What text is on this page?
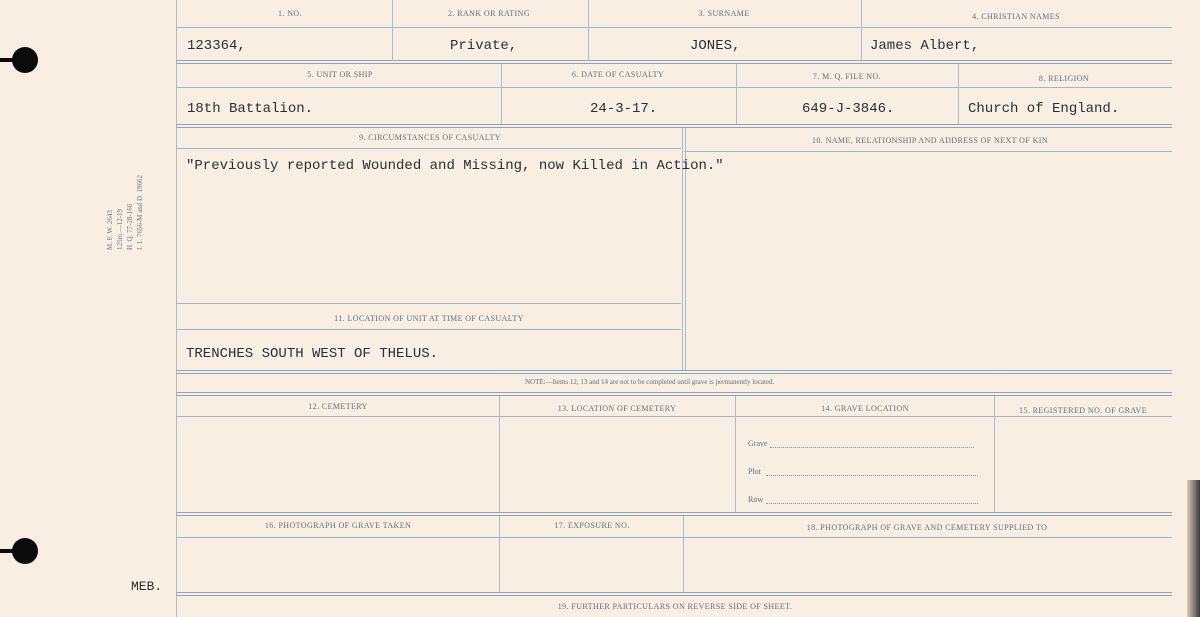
M. F. W. 2643 125m.—12-19 H. Q. 77-28-166 I. 1. 7656-M and D. 19662
1. NO.	2. RANK OR RATING	3. SURNAME	4. CHRISTIAN NAMES
123364,	Private,	JONES,	James Albert,
5. UNIT OR SHIP	6. DATE OF CASUALTY	7. M. Q. FILE NO.	8. RELIGION
18th Battalion.	24-3-17.	649-J-3846.	Church of England.
9. CIRCUMSTANCES OF CASUALTY	10. NAME, RELATIONSHIP AND ADDRESS OF NEXT OF KIN
"Previously reported Wounded and Missing, now Killed in Action."
11. LOCATION OF UNIT AT TIME OF CASUALTY
TRENCHES SOUTH WEST OF THELUS.
NOTE:—Items 12, 13 and 14 are not to be completed until grave is permanently located.
12. CEMETERY	13. LOCATION OF CEMETERY	14. GRAVE LOCATION	15. REGISTERED NO. OF GRAVE
Grave
Plot
Row
16. PHOTOGRAPH OF GRAVE TAKEN	17. EXPOSURE NO.	18. PHOTOGRAPH OF GRAVE AND CEMETERY SUPPLIED TO
19. FURTHER PARTICULARS ON REVERSE SIDE OF SHEET.
MEB.
